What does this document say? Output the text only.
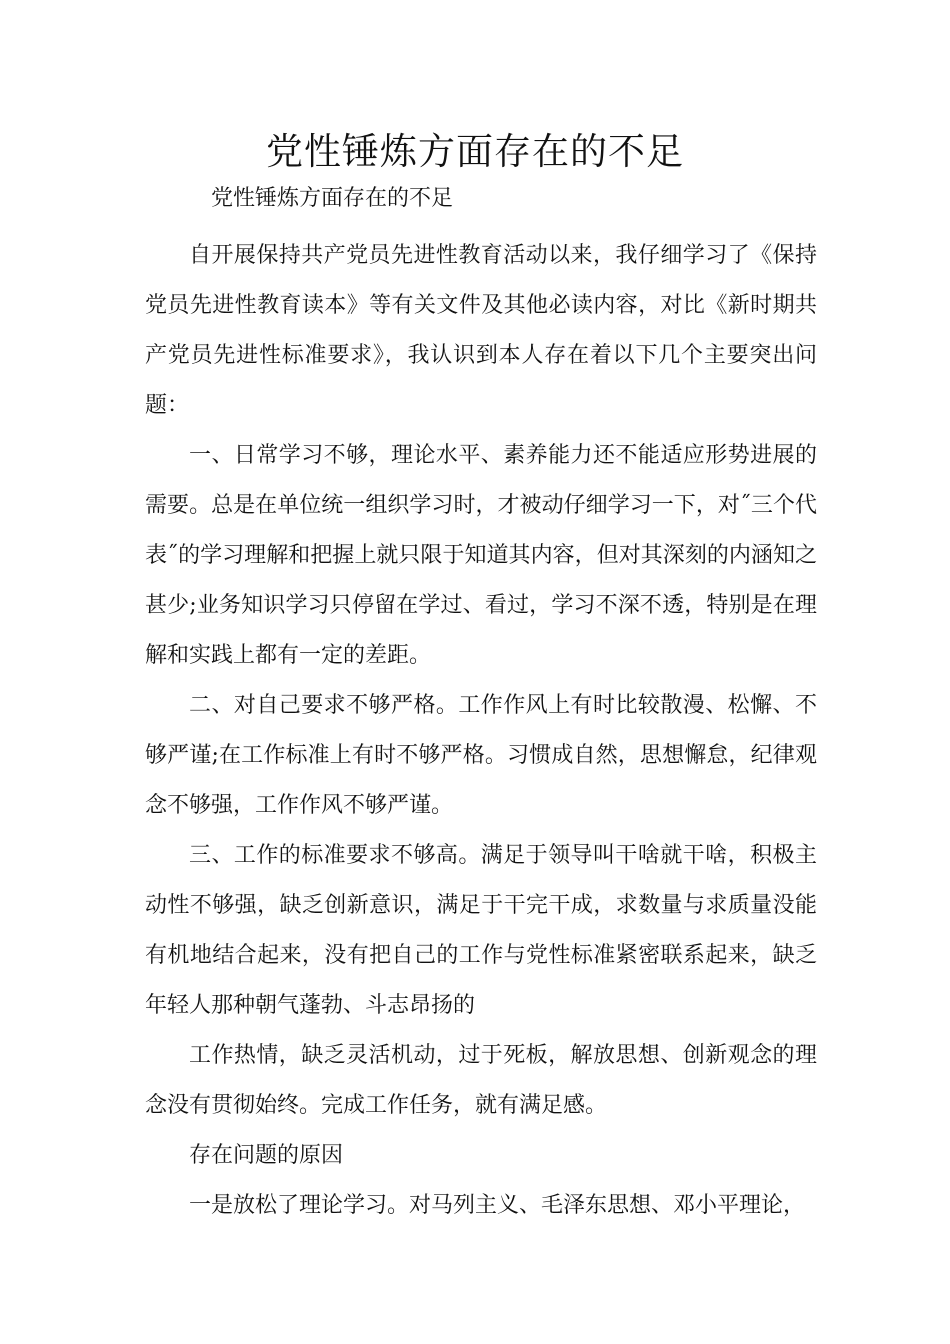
党性锤炼方面存在的不足

党性锤炼方面存在的不足

自开展保持共产党员先进性教育活动以来，我仔细学习了《保持党员先进性教育读本》等有关文件及其他必读内容，对比《新时期共产党员先进性标准要求》，我认识到本人存在着以下几个主要突出问题：

一、日常学习不够，理论水平、素养能力还不能适应形势进展的需要。总是在单位统一组织学习时，才被动仔细学习一下，对˝三个代表˝的学习理解和把握上就只限于知道其内容，但对其深刻的内涵知之甚少;业务知识学习只停留在学过、看过，学习不深不透，特别是在理解和实践上都有一定的差距。

二、对自己要求不够严格。工作作风上有时比较散漫、松懈、不够严谨;在工作标准上有时不够严格。习惯成自然，思想懈怠，纪律观念不够强，工作作风不够严谨。

三、工作的标准要求不够高。满足于领导叫干啥就干啥，积极主动性不够强，缺乏创新意识，满足于干完干成，求数量与求质量没能有机地结合起来，没有把自己的工作与党性标准紧密联系起来，缺乏年轻人那种朝气蓬勃、斗志昂扬的

工作热情，缺乏灵活机动，过于死板，解放思想、创新观念的理念没有贯彻始终。完成工作任务，就有满足感。

存在问题的原因

一是放松了理论学习。对马列主义、毛泽东思想、邓小平理论，
